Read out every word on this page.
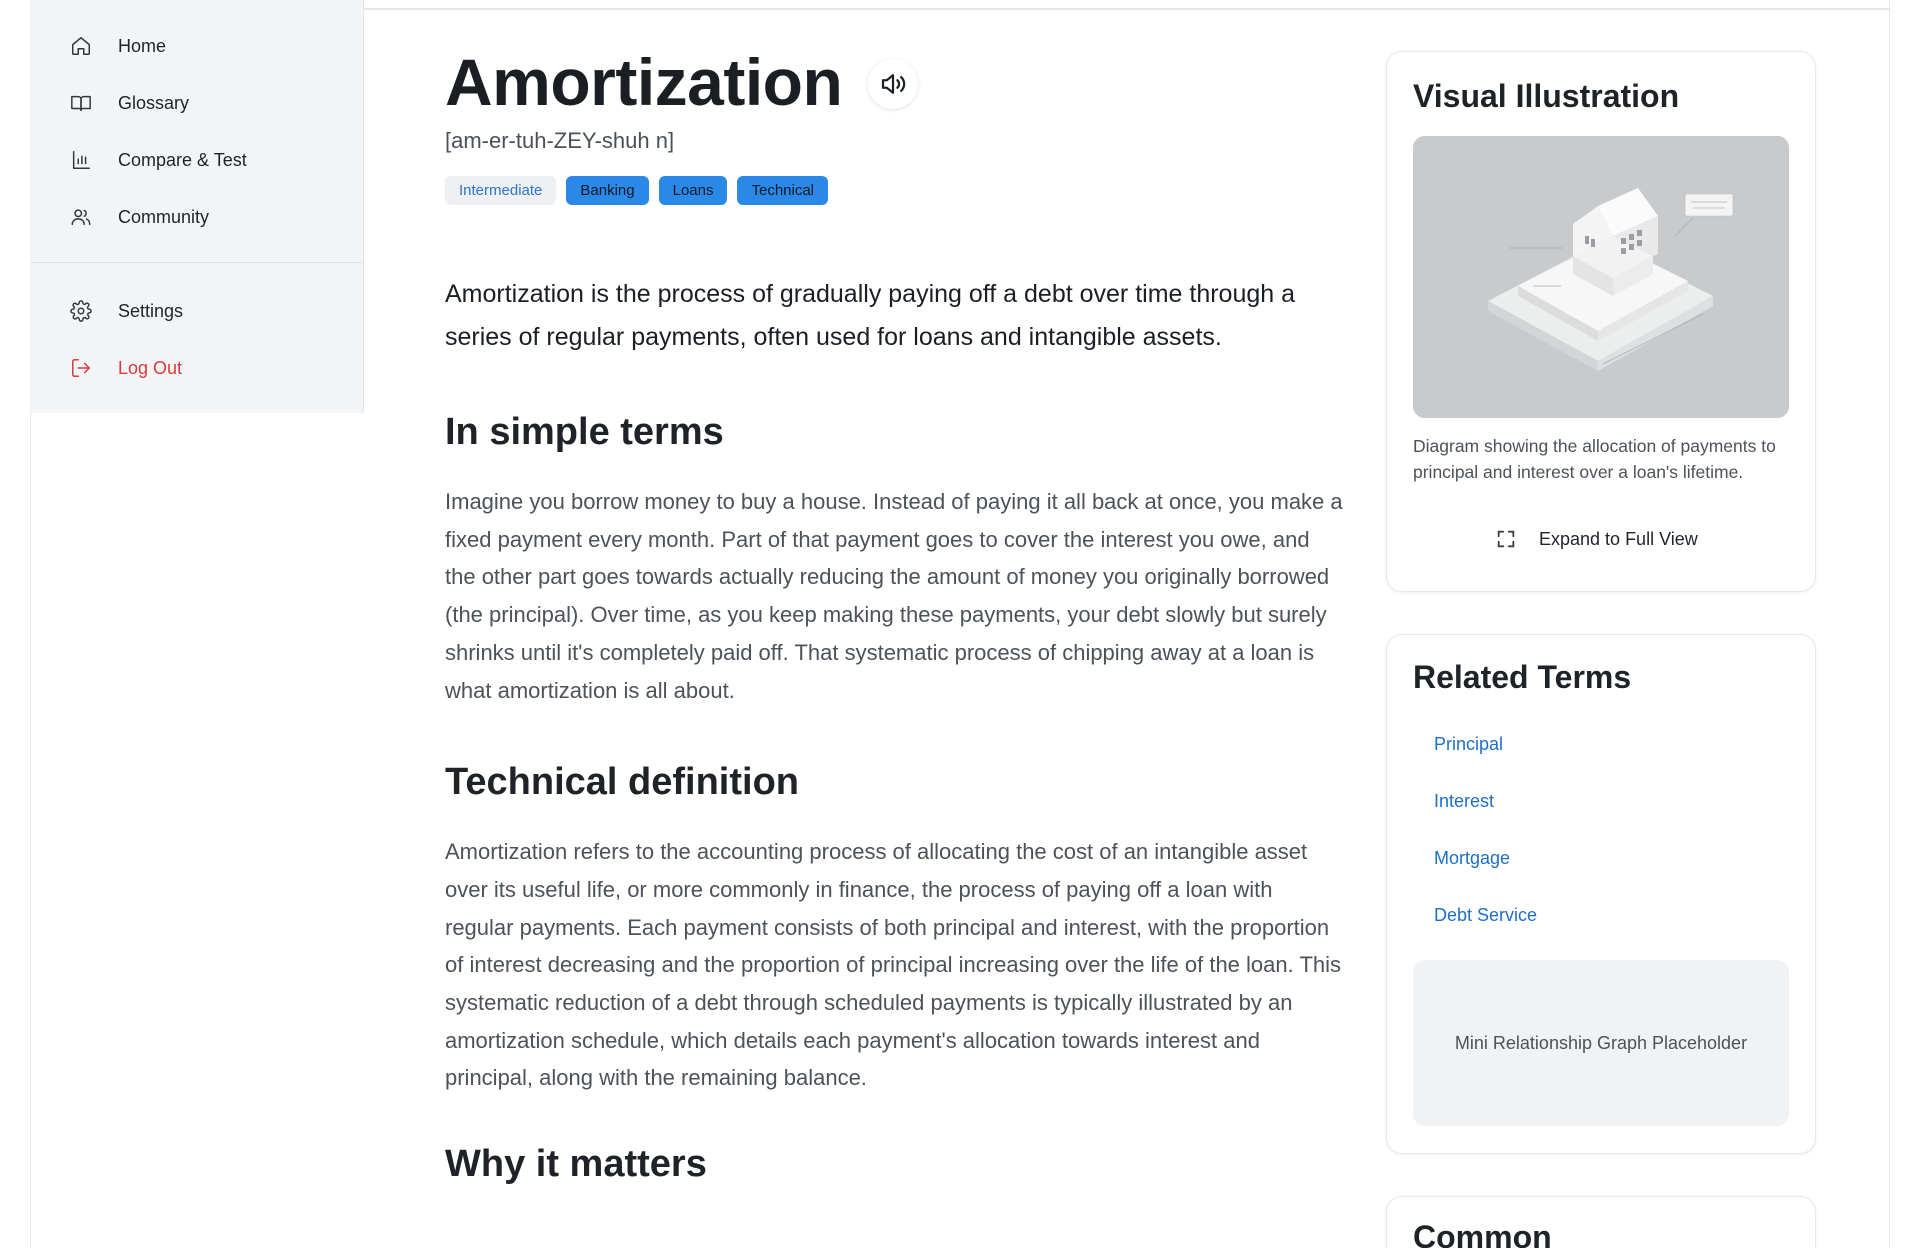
Home
Glossary
Compare & Test
Community
Settings
Log Out
Amortization
[am-er-tuh-ZEY-shuh n]
Intermediate	Banking	Loans	Technical

Amortization is the process of gradually paying off a debt over time through a series of regular payments, often used for loans and intangible assets.

In simple terms

Imagine you borrow money to buy a house. Instead of paying it all back at once, you make a fixed payment every month. Part of that payment goes to cover the interest you owe, and the other part goes towards actually reducing the amount of money you originally borrowed (the principal). Over time, as you keep making these payments, your debt slowly but surely shrinks until it's completely paid off. That systematic process of chipping away at a loan is what amortization is all about.

Technical definition

Amortization refers to the accounting process of allocating the cost of an intangible asset over its useful life, or more commonly in finance, the process of paying off a loan with regular payments. Each payment consists of both principal and interest, with the proportion of interest decreasing and the proportion of principal increasing over the life of the loan. This systematic reduction of a debt through scheduled payments is typically illustrated by an amortization schedule, which details each payment's allocation towards interest and principal, along with the remaining balance.

Why it matters
Visual Illustration

Diagram showing the allocation of payments to principal and interest over a loan's lifetime.

Expand to Full View
Related Terms
Principal
Interest
Mortgage
Debt Service
Mini Relationship Graph Placeholder
Common
